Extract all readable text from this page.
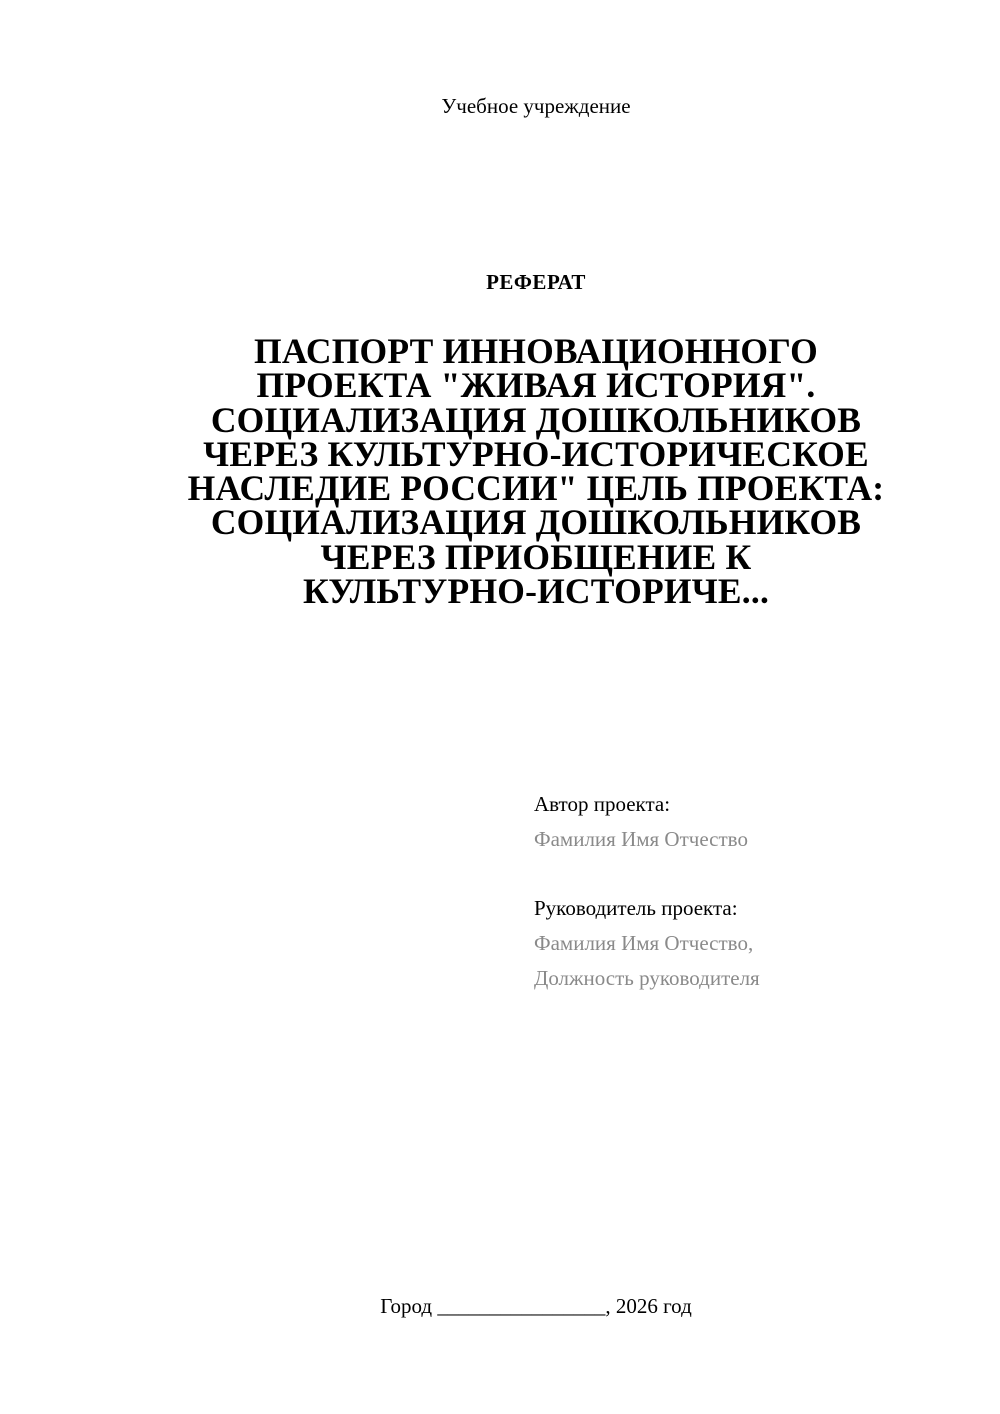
Учебное учреждение
РЕФЕРАТ
ПАСПОРТ ИННОВАЦИОННОГО
ПРОЕКТА "ЖИВАЯ ИСТОРИЯ".
СОЦИАЛИЗАЦИЯ ДОШКОЛЬНИКОВ
ЧЕРЕЗ КУЛЬТУРНО-ИСТОРИЧЕСКОЕ
НАСЛЕДИЕ РОССИИ" ЦЕЛЬ ПРОЕКТА:
СОЦИАЛИЗАЦИЯ ДОШКОЛЬНИКОВ
ЧЕРЕЗ ПРИОБЩЕНИЕ К
КУЛЬТУРНО-ИСТОРИЧЕ...
Автор проекта:
Фамилия Имя Отчество
Руководитель проекта:
Фамилия Имя Отчество,
Должность руководителя
Город ________________, 2026 год
